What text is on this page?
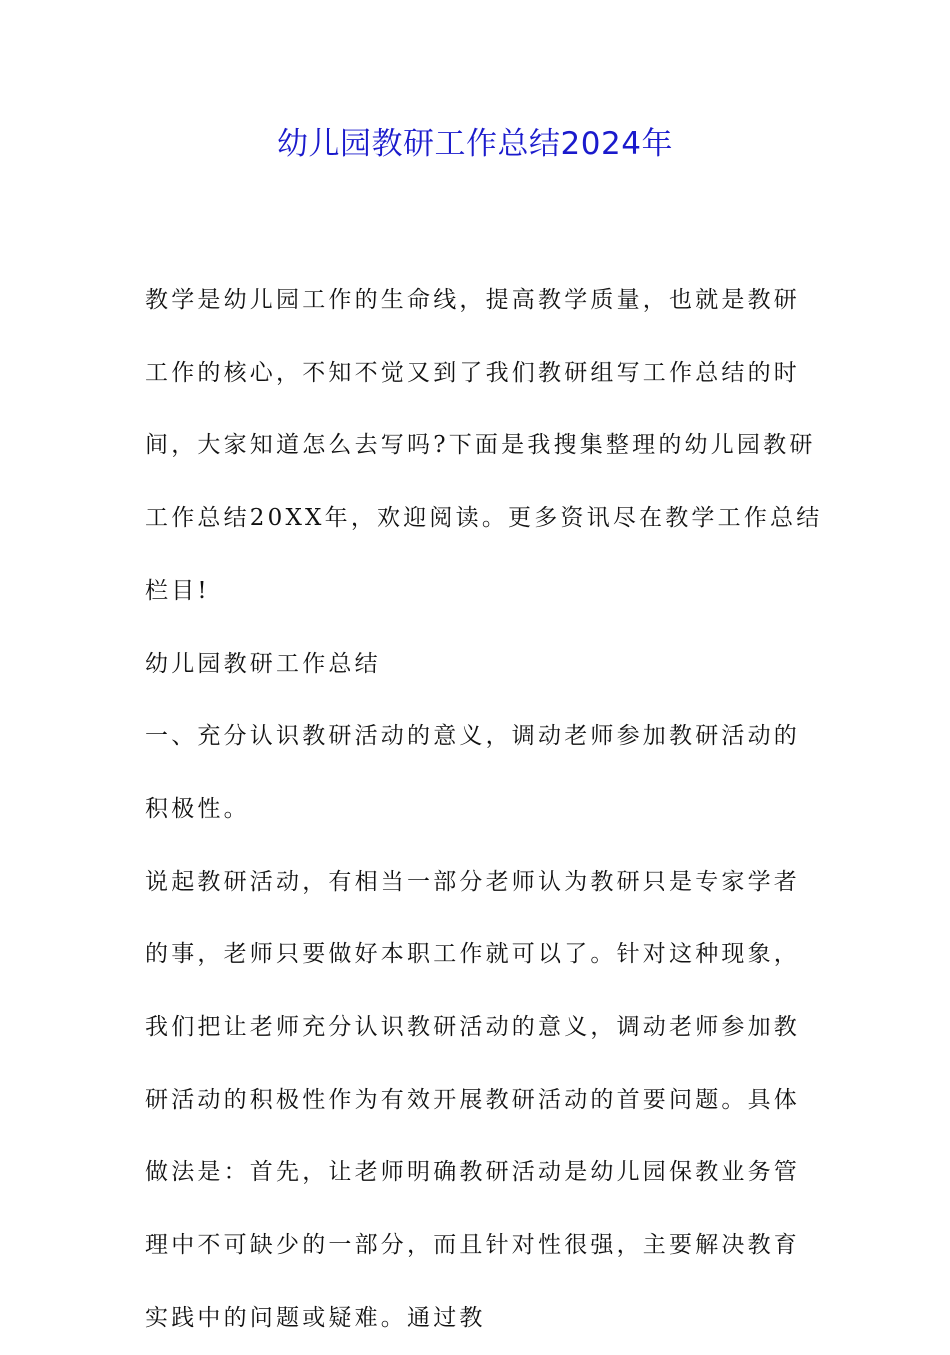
幼儿园教研工作总结2024年

教学是幼儿园工作的生命线，提高教学质量，也就是教研工作的核心，不知不觉又到了我们教研组写工作总结的时间，大家知道怎么去写吗?下面是我搜集整理的幼儿园教研工作总结20XX年，欢迎阅读。更多资讯尽在教学工作总结栏目!

幼儿园教研工作总结

一、充分认识教研活动的意义，调动老师参加教研活动的积极性。

说起教研活动，有相当一部分老师认为教研只是专家学者的事，老师只要做好本职工作就可以了。针对这种现象，我们把让老师充分认识教研活动的意义，调动老师参加教研活动的积极性作为有效开展教研活动的首要问题。具体做法是：首先，让老师明确教研活动是幼儿园保教业务管理中不可缺少的一部分，而且针对性很强，主要解决教育实践中的问题或疑难。通过教
